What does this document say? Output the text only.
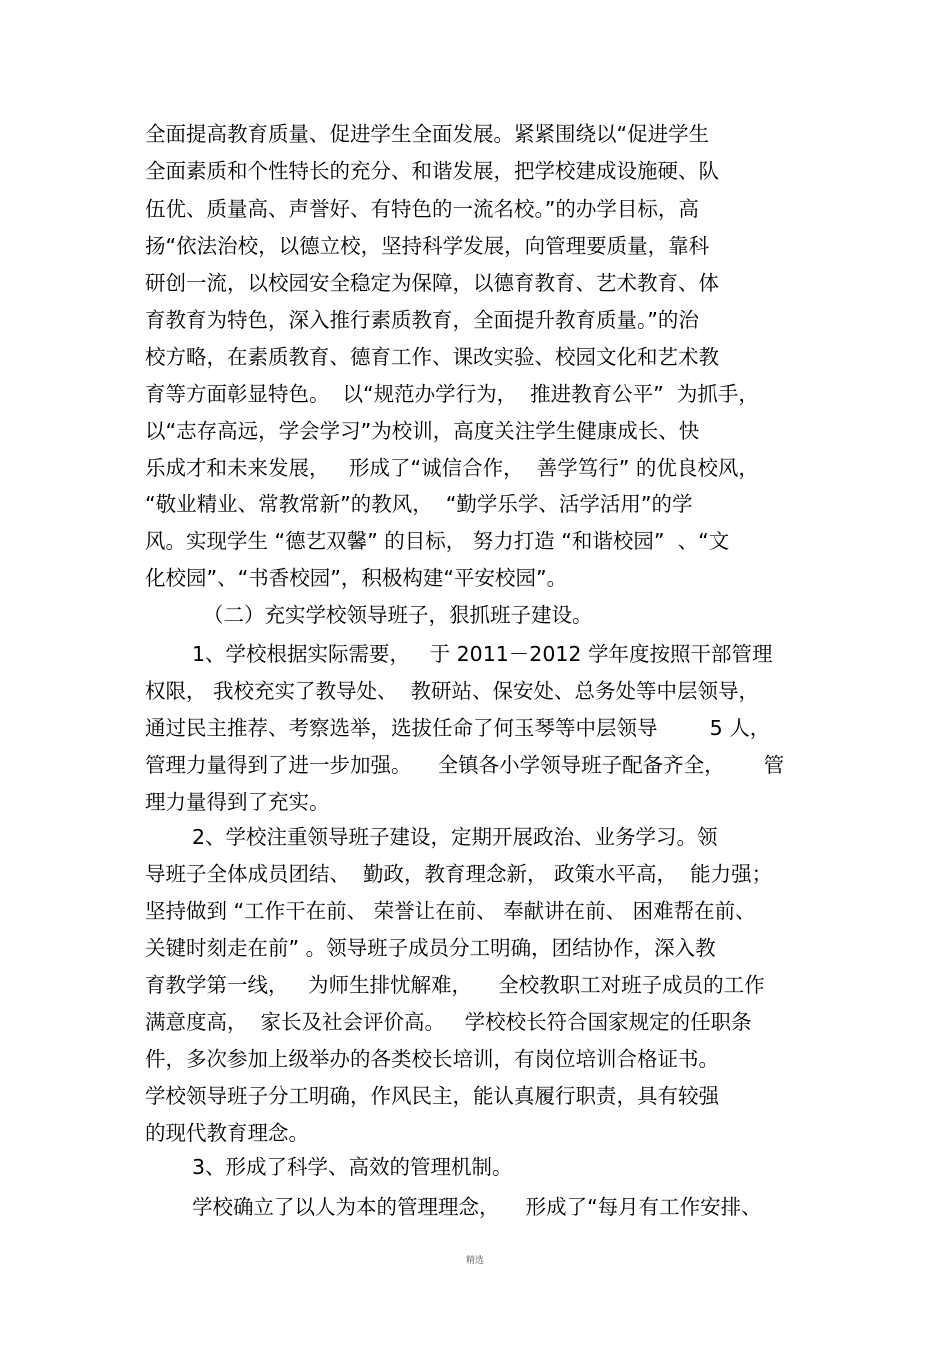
全面提高教育质量、促进学生全面发展。紧紧围绕以“促进学生
全面素质和个性特长的充分、和谐发展，把学校建成设施硬、队
伍优、质量高、声誉好、有特色的一流名校。”的办学目标，高
扬“依法治校，以德立校，坚持科学发展，向管理要质量，靠科
研创一流，以校园安全稳定为保障，以德育教育、艺术教育、体
育教育为特色，深入推行素质教育，全面提升教育质量。”的治
校方略，在素质教育、德育工作、课改实验、校园文化和艺术教
育等方面彰显特色。  以“规范办学行为，  推进教育公平”  为抓手，
以“志存高远，学会学习”为校训，高度关注学生健康成长、快
乐成才和未来发展，   形成了“诚信合作，  善学笃行” 的优良校风，
“敬业精业、常教常新”的教风，  “勤学乐学、活学活用”的学
风。实现学生 “德艺双馨” 的目标， 努力打造 “和谐校园”  、“文
化校园”、“书香校园”，积极构建“平安校园”。
（二）充实学校领导班子，狠抓班子建设。
1、学校根据实际需要，   于 2011－2012 学年度按照干部管理
权限， 我校充实了教导处、  教研站、保安处、总务处等中层领导，
通过民主推荐、考察选举，选拔任命了何玉琴等中层领导        5 人，
管理力量得到了进一步加强。    全镇各小学领导班子配备齐全，      管
理力量得到了充实。
2、学校注重领导班子建设，定期开展政治、业务学习。领
导班子全体成员团结、  勤政，教育理念新， 政策水平高，  能力强；
坚持做到 “工作干在前、 荣誉让在前、 奉献讲在前、 困难帮在前、
关键时刻走在前” 。领导班子成员分工明确，团结协作，深入教
育教学第一线，   为师生排忧解难，    全校教职工对班子成员的工作
满意度高，  家长及社会评价高。   学校校长符合国家规定的任职条
件，多次参加上级举办的各类校长培训，有岗位培训合格证书。
学校领导班子分工明确，作风民主，能认真履行职责，具有较强
的现代教育理念。
3、形成了科学、高效的管理机制。
学校确立了以人为本的管理理念，    形成了“每月有工作安排、
精选
